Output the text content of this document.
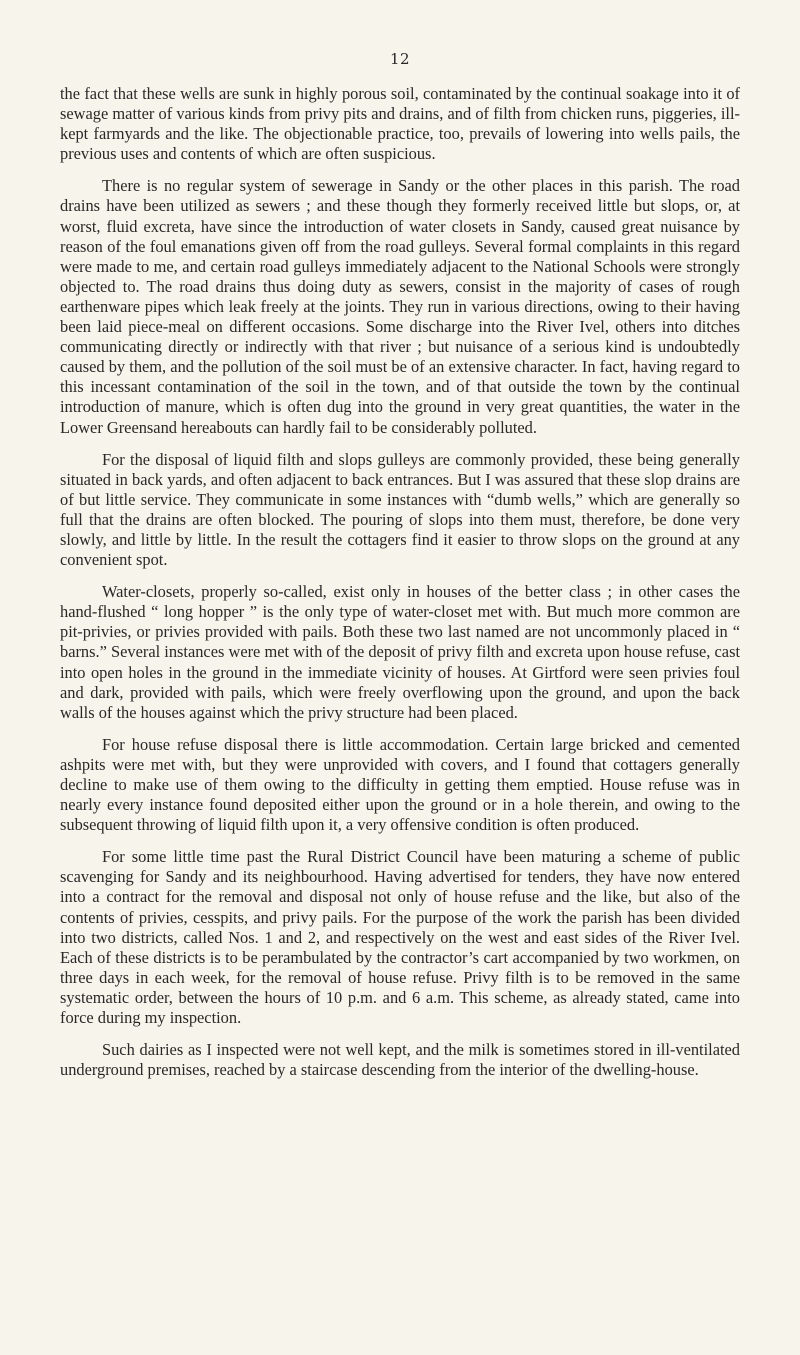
12

the fact that these wells are sunk in highly porous soil, contaminated by the continual soakage into it of sewage matter of various kinds from privy pits and drains, and of filth from chicken runs, piggeries, ill-kept farmyards and the like. The objectionable practice, too, prevails of lowering into wells pails, the previous uses and contents of which are often suspicious.

There is no regular system of sewerage in Sandy or the other places in this parish. The road drains have been utilized as sewers ; and these though they formerly received little but slops, or, at worst, fluid excreta, have since the introduction of water closets in Sandy, caused great nuisance by reason of the foul emanations given off from the road gulleys. Several formal complaints in this regard were made to me, and certain road gulleys immediately adjacent to the National Schools were strongly objected to. The road drains thus doing duty as sewers, consist in the majority of cases of rough earthenware pipes which leak freely at the joints. They run in various directions, owing to their having been laid piece-meal on different occasions. Some discharge into the River Ivel, others into ditches communicating directly or indirectly with that river ; but nuisance of a serious kind is undoubtedly caused by them, and the pollution of the soil must be of an extensive character. In fact, having regard to this incessant contamination of the soil in the town, and of that outside the town by the continual introduction of manure, which is often dug into the ground in very great quantities, the water in the Lower Greensand hereabouts can hardly fail to be considerably polluted.

For the disposal of liquid filth and slops gulleys are commonly provided, these being generally situated in back yards, and often adjacent to back entrances. But I was assured that these slop drains are of but little service. They communicate in some instances with “dumb wells,” which are generally so full that the drains are often blocked. The pouring of slops into them must, therefore, be done very slowly, and little by little. In the result the cottagers find it easier to throw slops on the ground at any convenient spot.

Water-closets, properly so-called, exist only in houses of the better class ; in other cases the hand-flushed “ long hopper ” is the only type of water-closet met with. But much more common are pit-privies, or privies provided with pails. Both these two last named are not uncommonly placed in “ barns.” Several instances were met with of the deposit of privy filth and excreta upon house refuse, cast into open holes in the ground in the immediate vicinity of houses. At Girtford were seen privies foul and dark, provided with pails, which were freely overflowing upon the ground, and upon the back walls of the houses against which the privy structure had been placed.

For house refuse disposal there is little accommodation. Certain large bricked and cemented ashpits were met with, but they were unprovided with covers, and I found that cottagers generally decline to make use of them owing to the difficulty in getting them emptied. House refuse was in nearly every instance found deposited either upon the ground or in a hole therein, and owing to the subsequent throwing of liquid filth upon it, a very offensive condition is often produced.

For some little time past the Rural District Council have been maturing a scheme of public scavenging for Sandy and its neighbourhood. Having advertised for tenders, they have now entered into a contract for the removal and disposal not only of house refuse and the like, but also of the contents of privies, cesspits, and privy pails. For the purpose of the work the parish has been divided into two districts, called Nos. 1 and 2, and respectively on the west and east sides of the River Ivel. Each of these districts is to be perambulated by the contractor’s cart accompanied by two workmen, on three days in each week, for the removal of house refuse. Privy filth is to be removed in the same systematic order, between the hours of 10 p.m. and 6 a.m. This scheme, as already stated, came into force during my inspection.

Such dairies as I inspected were not well kept, and the milk is sometimes stored in ill-ventilated underground premises, reached by a staircase descending from the interior of the dwelling-house.
